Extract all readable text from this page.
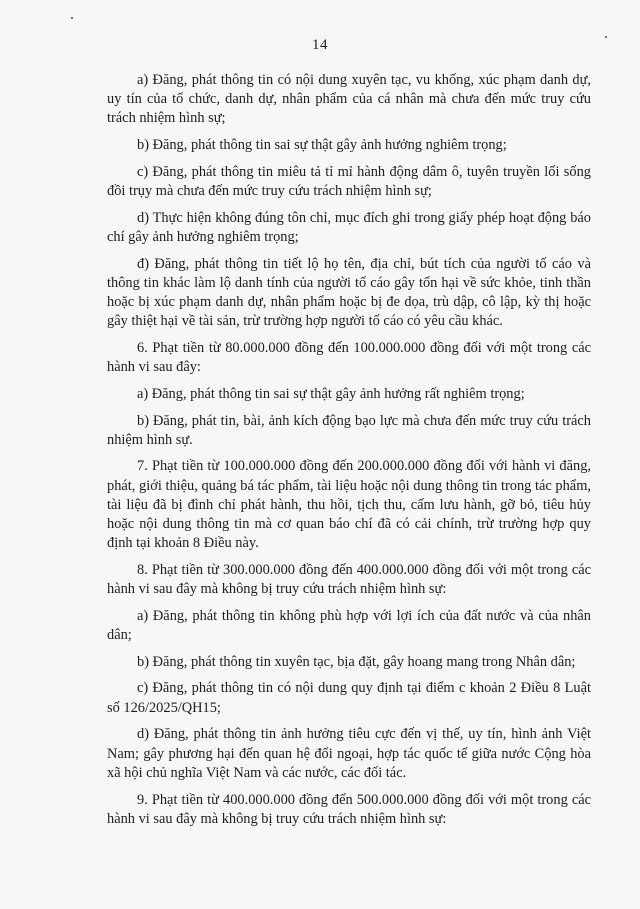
14

a) Đăng, phát thông tin có nội dung xuyên tạc, vu khống, xúc phạm danh dự, uy tín của tổ chức, danh dự, nhân phẩm của cá nhân mà chưa đến mức truy cứu trách nhiệm hình sự;

b) Đăng, phát thông tin sai sự thật gây ảnh hưởng nghiêm trọng;

c) Đăng, phát thông tin miêu tả tỉ mỉ hành động dâm ô, tuyên truyền lối sống đồi trụy mà chưa đến mức truy cứu trách nhiệm hình sự;

d) Thực hiện không đúng tôn chỉ, mục đích ghi trong giấy phép hoạt động báo chí gây ảnh hưởng nghiêm trọng;

đ) Đăng, phát thông tin tiết lộ họ tên, địa chỉ, bút tích của người tố cáo và thông tin khác làm lộ danh tính của người tố cáo gây tổn hại về sức khỏe, tinh thần hoặc bị xúc phạm danh dự, nhân phẩm hoặc bị đe dọa, trù dập, cô lập, kỳ thị hoặc gây thiệt hại về tài sản, trừ trường hợp người tố cáo có yêu cầu khác.

6. Phạt tiền từ 80.000.000 đồng đến 100.000.000 đồng đối với một trong các hành vi sau đây:

a) Đăng, phát thông tin sai sự thật gây ảnh hưởng rất nghiêm trọng;

b) Đăng, phát tin, bài, ảnh kích động bạo lực mà chưa đến mức truy cứu trách nhiệm hình sự.

7. Phạt tiền từ 100.000.000 đồng đến 200.000.000 đồng đối với hành vi đăng, phát, giới thiệu, quảng bá tác phẩm, tài liệu hoặc nội dung thông tin trong tác phẩm, tài liệu đã bị đình chỉ phát hành, thu hồi, tịch thu, cấm lưu hành, gỡ bỏ, tiêu hủy hoặc nội dung thông tin mà cơ quan báo chí đã có cải chính, trừ trường hợp quy định tại khoản 8 Điều này.

8. Phạt tiền từ 300.000.000 đồng đến 400.000.000 đồng đối với một trong các hành vi sau đây mà không bị truy cứu trách nhiệm hình sự:

a) Đăng, phát thông tin không phù hợp với lợi ích của đất nước và của nhân dân;

b) Đăng, phát thông tin xuyên tạc, bịa đặt, gây hoang mang trong Nhân dân;

c) Đăng, phát thông tin có nội dung quy định tại điểm c khoản 2 Điều 8 Luật số 126/2025/QH15;

d) Đăng, phát thông tin ảnh hưởng tiêu cực đến vị thế, uy tín, hình ảnh Việt Nam; gây phương hại đến quan hệ đối ngoại, hợp tác quốc tế giữa nước Cộng hòa xã hội chủ nghĩa Việt Nam và các nước, các đối tác.

9. Phạt tiền từ 400.000.000 đồng đến 500.000.000 đồng đối với một trong các hành vi sau đây mà không bị truy cứu trách nhiệm hình sự:
